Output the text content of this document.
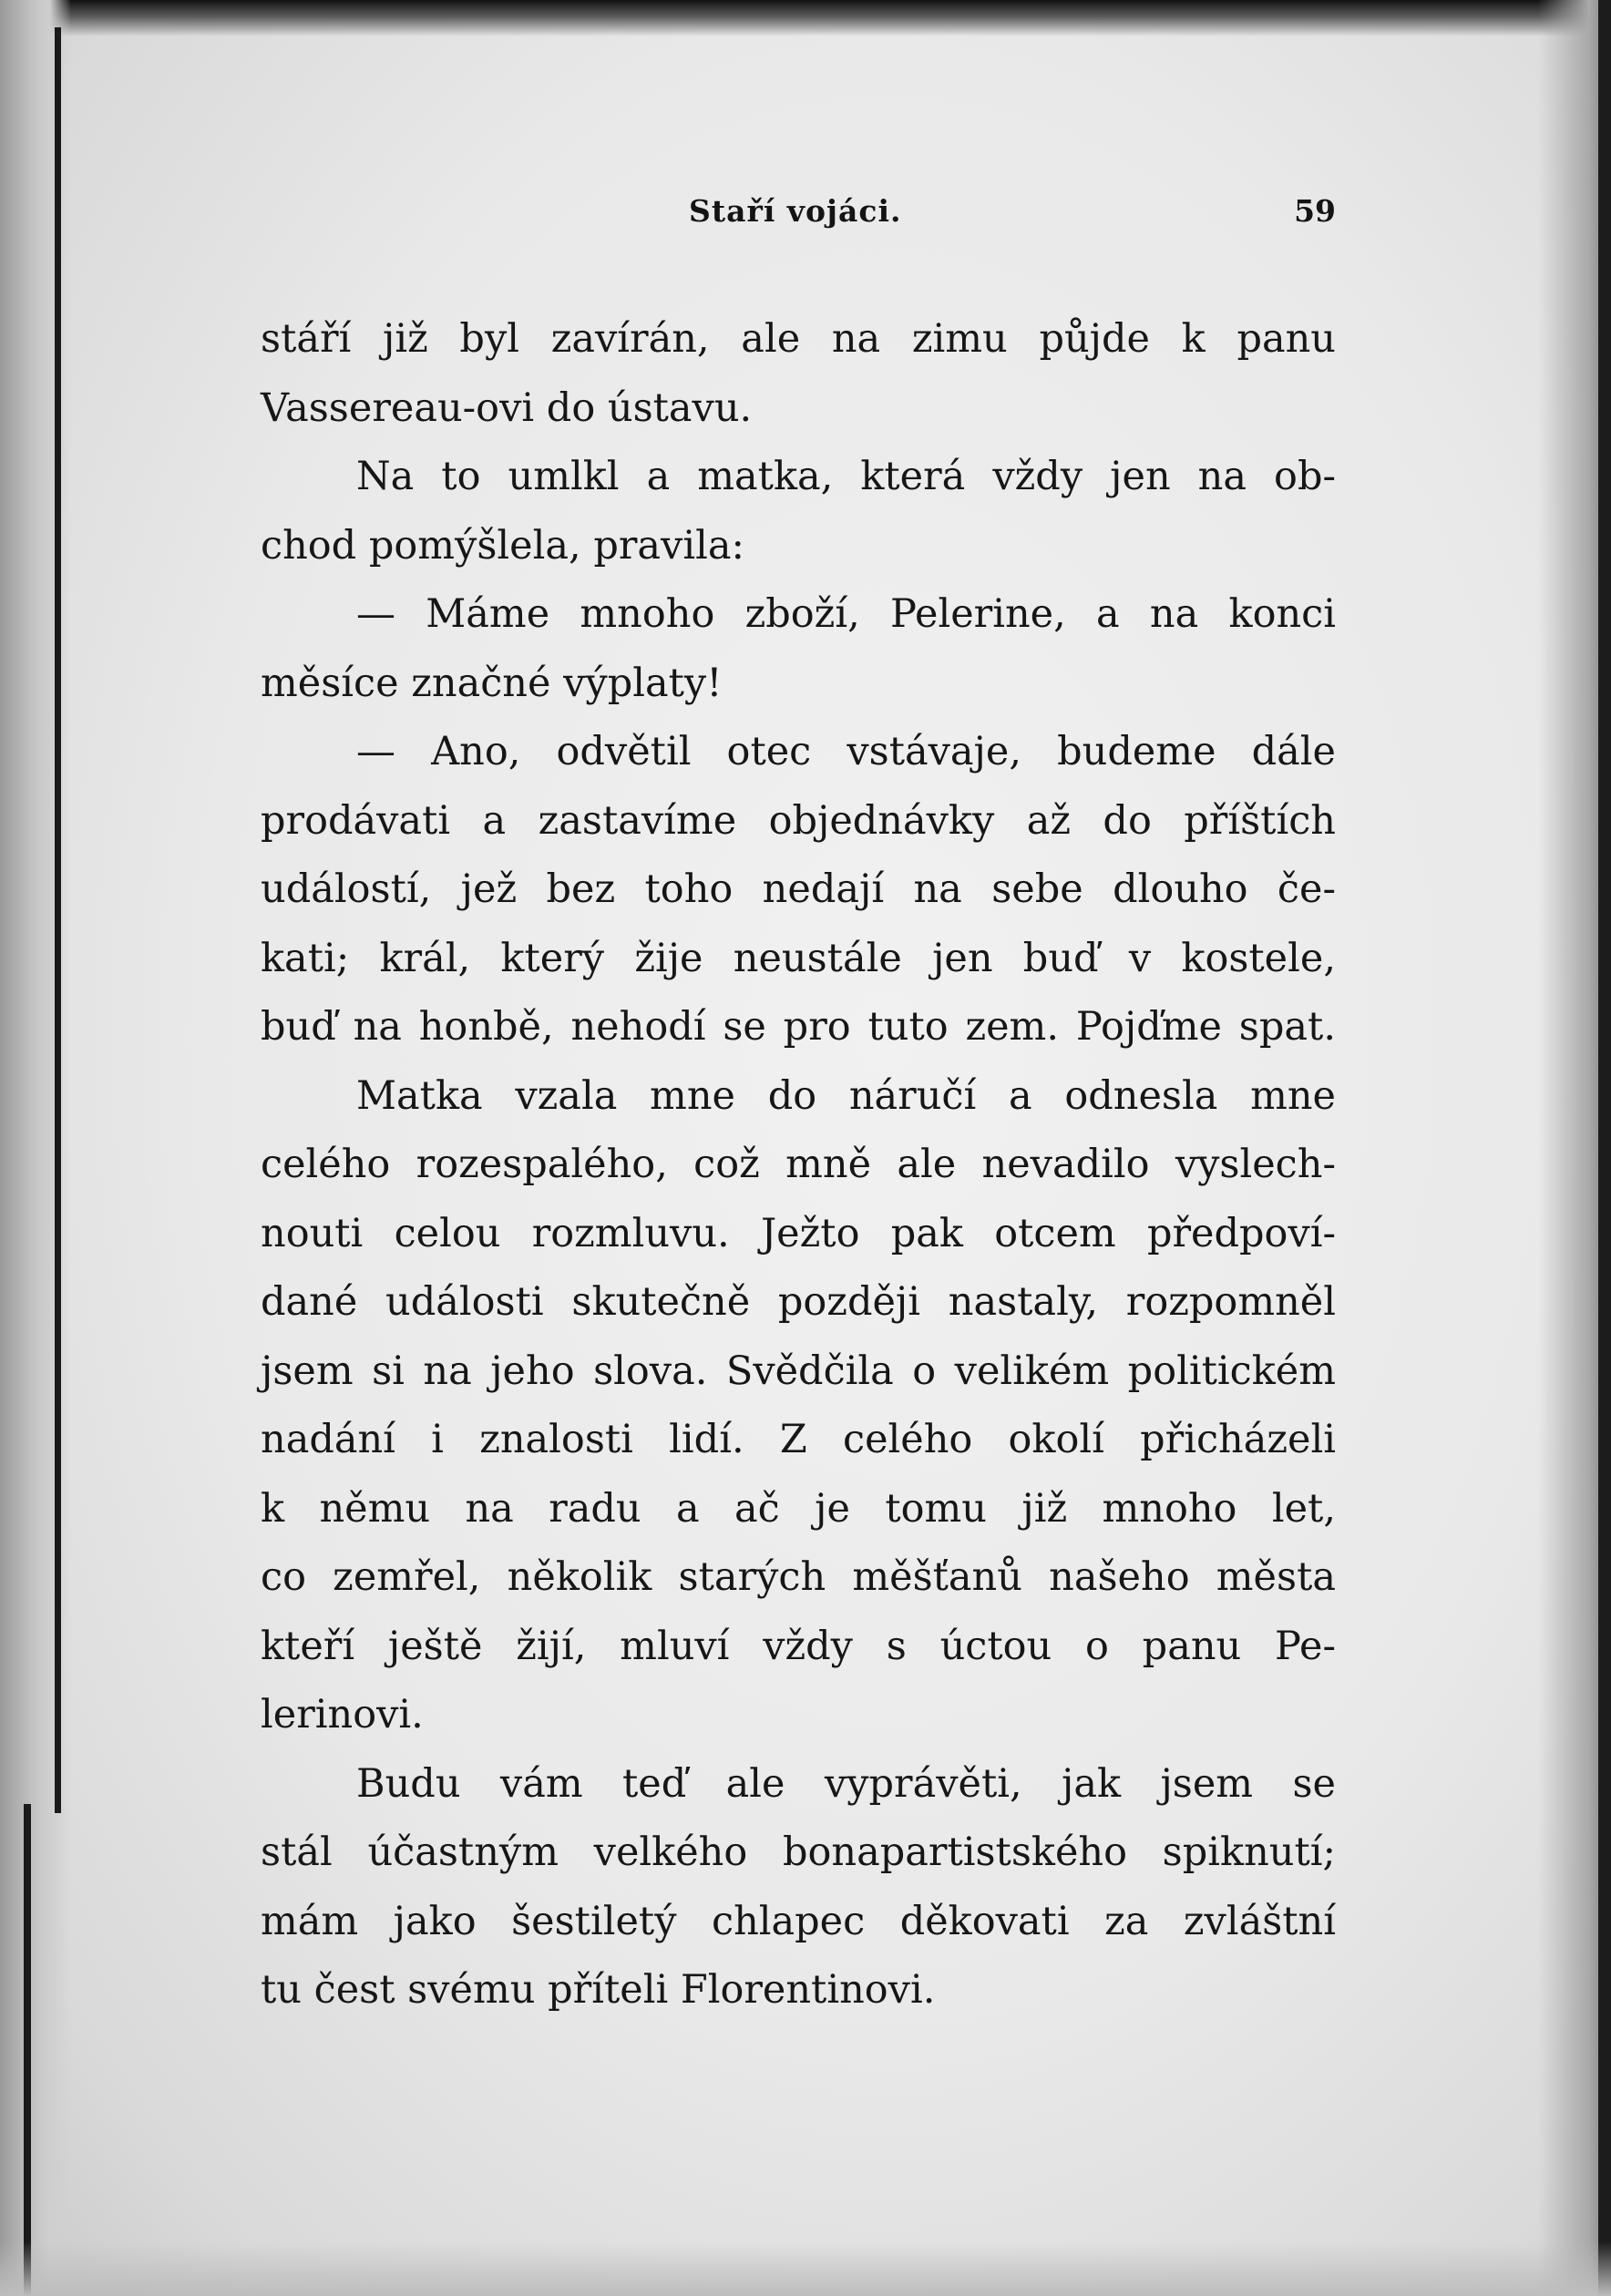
Staří vojáci.	59
stáří již byl zavírán, ale na zimu půjde k panu
Vassereau-ovi do ústavu.
Na to umlkl a matka, která vždy jen na ob-
chod pomýšlela, pravila:
— Máme mnoho zboží, Pelerine, a na konci
měsíce značné výplaty!
— Ano, odvětil otec vstávaje, budeme dále
prodávati a zastavíme objednávky až do příštích
událostí, jež bez toho nedají na sebe dlouho če-
kati; král, který žije neustále jen buď v kostele,
buď na honbě, nehodí se pro tuto zem. Pojďme spat.
Matka vzala mne do náručí a odnesla mne
celého rozespalého, což mně ale nevadilo vyslech-
nouti celou rozmluvu. Ježto pak otcem předpoví-
dané události skutečně později nastaly, rozpomněl
jsem si na jeho slova. Svědčila o velikém politickém
nadání i znalosti lidí. Z celého okolí přicházeli
k němu na radu a ač je tomu již mnoho let,
co zemřel, několik starých měšťanů našeho města
kteří ještě žijí, mluví vždy s úctou o panu Pe-
lerinovi.
Budu vám teď ale vyprávěti, jak jsem se
stál účastným velkého bonapartistského spiknutí;
mám jako šestiletý chlapec děkovati za zvláštní
tu čest svému příteli Florentinovi.
